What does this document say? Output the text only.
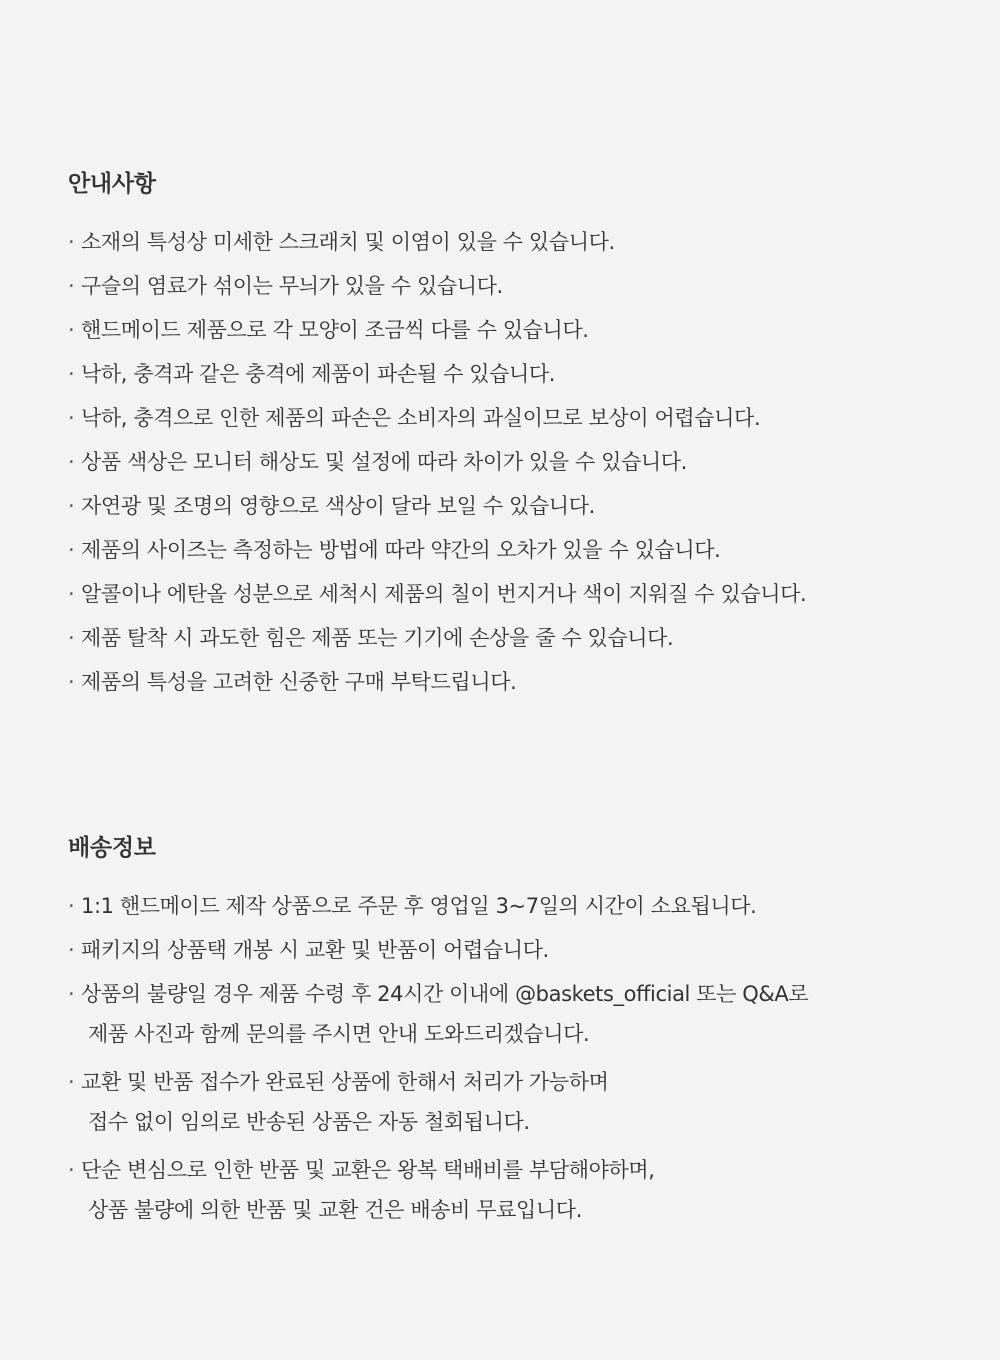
안내사항
· 소재의 특성상 미세한 스크래치 및 이염이 있을 수 있습니다.
· 구슬의 염료가 섞이는 무늬가 있을 수 있습니다.
· 핸드메이드 제품으로 각 모양이 조금씩 다를 수 있습니다.
· 낙하, 충격과 같은 충격에 제품이 파손될 수 있습니다.
· 낙하, 충격으로 인한 제품의 파손은 소비자의 과실이므로 보상이 어렵습니다.
· 상품 색상은 모니터 해상도 및 설정에 따라 차이가 있을 수 있습니다.
· 자연광 및 조명의 영향으로 색상이 달라 보일 수 있습니다.
· 제품의 사이즈는 측정하는 방법에 따라 약간의 오차가 있을 수 있습니다.
· 알콜이나 에탄올 성분으로 세척시 제품의 칠이 번지거나 색이 지워질 수 있습니다.
· 제품 탈착 시 과도한 힘은 제품 또는 기기에 손상을 줄 수 있습니다.
· 제품의 특성을 고려한 신중한 구매 부탁드립니다.
배송정보
· 1:1 핸드메이드 제작 상품으로 주문 후 영업일 3~7일의 시간이 소요됩니다.
· 패키지의 상품택 개봉 시 교환 및 반품이 어렵습니다.
· 상품의 불량일 경우 제품 수령 후 24시간 이내에 @baskets_official 또는 Q&A로
제품 사진과 함께 문의를 주시면 안내 도와드리겠습니다.
· 교환 및 반품 접수가 완료된 상품에 한해서 처리가 가능하며
접수 없이 임의로 반송된 상품은 자동 철회됩니다.
· 단순 변심으로 인한 반품 및 교환은 왕복 택배비를 부담해야하며,
상품 불량에 의한 반품 및 교환 건은 배송비 무료입니다.
